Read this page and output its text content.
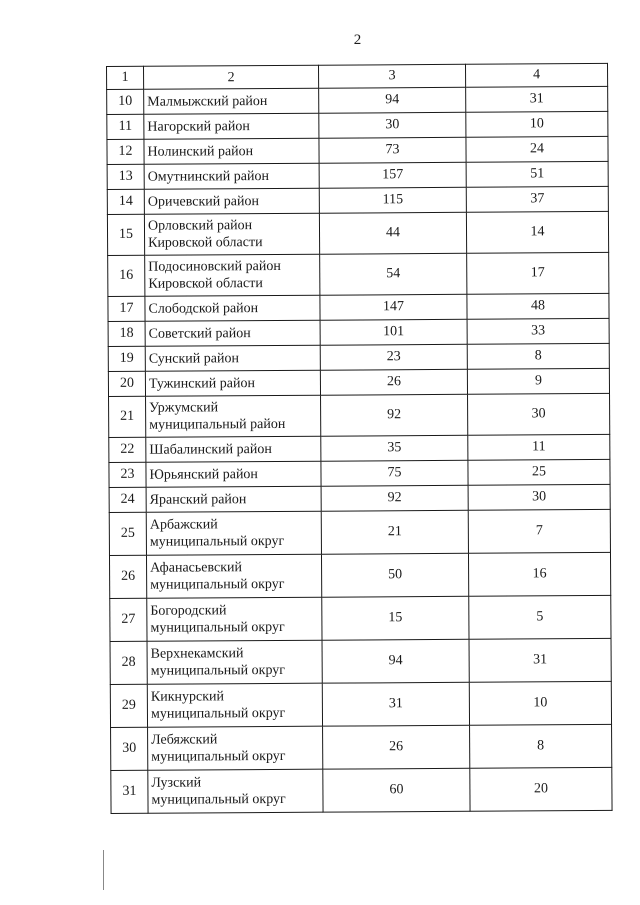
2
1	2	3	4
10	Малмыжский район	94	31
11	Нагорский район	30	10
12	Нолинский район	73	24
13	Омутнинский район	157	51
14	Оричевский район	115	37
15	Орловский район
Кировской области	44	14
16	Подосиновский район
Кировской области	54	17
17	Слободской район	147	48
18	Советский район	101	33
19	Сунский район	23	8
20	Тужинский район	26	9
21	Уржумский
муниципальный район	92	30
22	Шабалинский район	35	11
23	Юрьянский район	75	25
24	Яранский район	92	30
25	Арбажский
муниципальный округ	21	7
26	Афанасьевский
муниципальный округ	50	16
27	Богородский
муниципальный округ	15	5
28	Верхнекамский
муниципальный округ	94	31
29	Кикнурский
муниципальный округ	31	10
30	Лебяжский
муниципальный округ	26	8
31	Лузский
муниципальный округ	60	20
